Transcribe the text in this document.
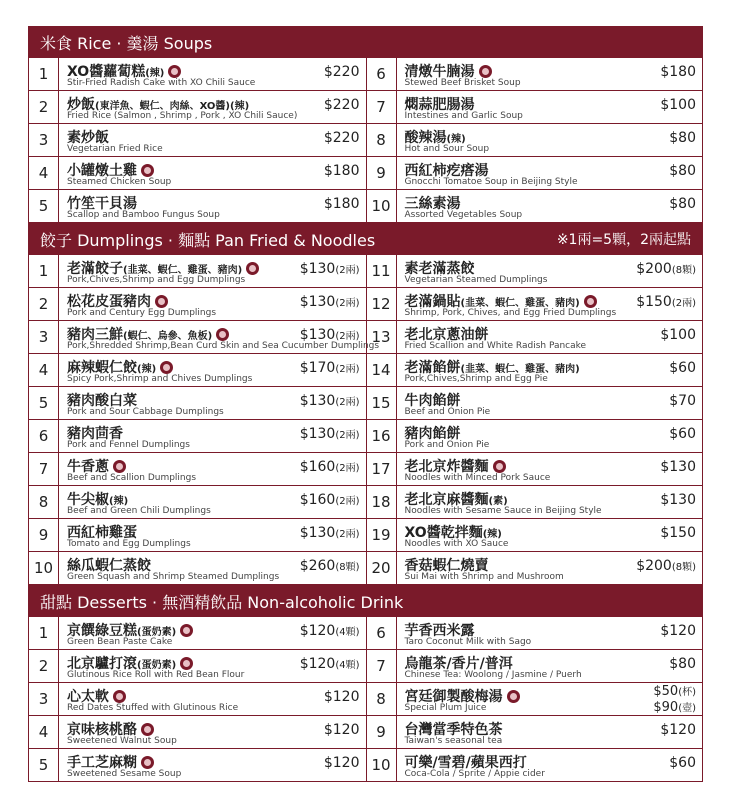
米食 Rice · 羹湯 Soups
1	XO醬蘿蔔糕(辣)
Stir-Fried Radish Cake with XO Chili Sauce
$220
2	炒飯(東洋魚、蝦仁、肉絲、XO醬)(辣)
Fried Rice (Salmon , Shrimp , Pork , XO Chili Sauce)
$220
3	素炒飯
Vegetarian Fried Rice
$220
4	小罐燉土雞
Steamed Chicken Soup
$180
5	竹笙干貝湯
Scallop and Bamboo Fungus Soup
$180
6	清燉牛腩湯
Stewed Beef Brisket Soup
$180
7	燜蒜肥腸湯
Intestines and Garlic Soup
$100
8	酸辣湯(辣)
Hot and Sour Soup
$80
9	西紅柿疙瘩湯
Gnocchi Tomatoe Soup in Beijing Style
$80
10 三絲素湯
Assorted Vegetables Soup
$80
餃子 Dumplings · 麵點 Pan Fried & Noodles	※1兩=5顆，2兩起點
1	老滿餃子(韭菜、蝦仁、雞蛋、豬肉)
Pork,Chives,Shrimp and Egg Dumplings
$130(2兩)
2	松花皮蛋豬肉
Pork and Century Egg Dumplings
$130(2兩)
3	豬肉三鮮(蝦仁、烏參、魚板)
Pork,Shredded Shrimp,Bean Curd Skin and Sea Cucumber Dumplings
$130(2兩)
4	麻辣蝦仁餃(辣)
Spicy Pork,Shrimp and Chives Dumplings
$170(2兩)
5	豬肉酸白菜
Pork and Sour Cabbage Dumplings
$130(2兩)
6	豬肉茴香
Pork and Fennel Dumplings
$130(2兩)
7	牛香蔥
Beef and Scallion Dumplings
$160(2兩)
8	牛尖椒(辣)
Beef and Green Chili Dumplings
$160(2兩)
9	西紅柿雞蛋
Tomato and Egg Dumplings
$130(2兩)
10 絲瓜蝦仁蒸餃
Green Squash and Shrimp Steamed Dumplings
$260(8顆)
11 素老滿蒸餃
Vegetarian Steamed Dumplings
$200(8顆)
12 老滿鍋貼(韭菜、蝦仁、雞蛋、豬肉)
Shrimp, Pork, Chives, and Egg Fried Dumplings
$150(2兩)
13 老北京蔥油餅
Fried Scallion and White Radish Pancake
$100
14 老滿餡餅(韭菜、蝦仁、雞蛋、豬肉)
Pork,Chives,Shrimp and Egg Pie
$60
15 牛肉餡餅
Beef and Onion Pie
$70
16 豬肉餡餅
Pork and Onion Pie
$60
17 老北京炸醬麵
Noodles with Minced Pork Sauce
$130
18 老北京麻醬麵(素)
Noodles with Sesame Sauce in Beijing Style
$130
19 XO醬乾拌麵(辣)
Noodles with XO Sauce
$150
20 香菇蝦仁燒賣
Sui Mai with Shrimp and Mushroom
$200(8顆)
甜點 Desserts · 無酒精飲品 Non-alcoholic Drink
1	京饌綠豆糕(蛋奶素)
Green Bean Paste Cake
$120(4顆)
2	北京驢打滾(蛋奶素)
Glutinous Rice Roll with Red Bean Flour
$120(4顆)
3	心太軟
Red Dates Stuffed with Glutinous Rice
$120
4	京味核桃酪
Sweetened Walnut Soup
$120
5	手工芝麻糊
Sweetened Sesame Soup
$120
6	芋香西米露
Taro Coconut Milk with Sago
$120
7	烏龍茶/香片/普洱
Chinese Tea: Woolong / Jasmine / Puerh
$80
8	宮廷御製酸梅湯
Special Plum Juice
$50(杯)
$90(壺)
9	台灣當季特色茶
Taiwan's seasonal tea
$120
10 可樂/雪碧/蘋果西打
Coca-Cola / Sprite / Appie cider
$60
